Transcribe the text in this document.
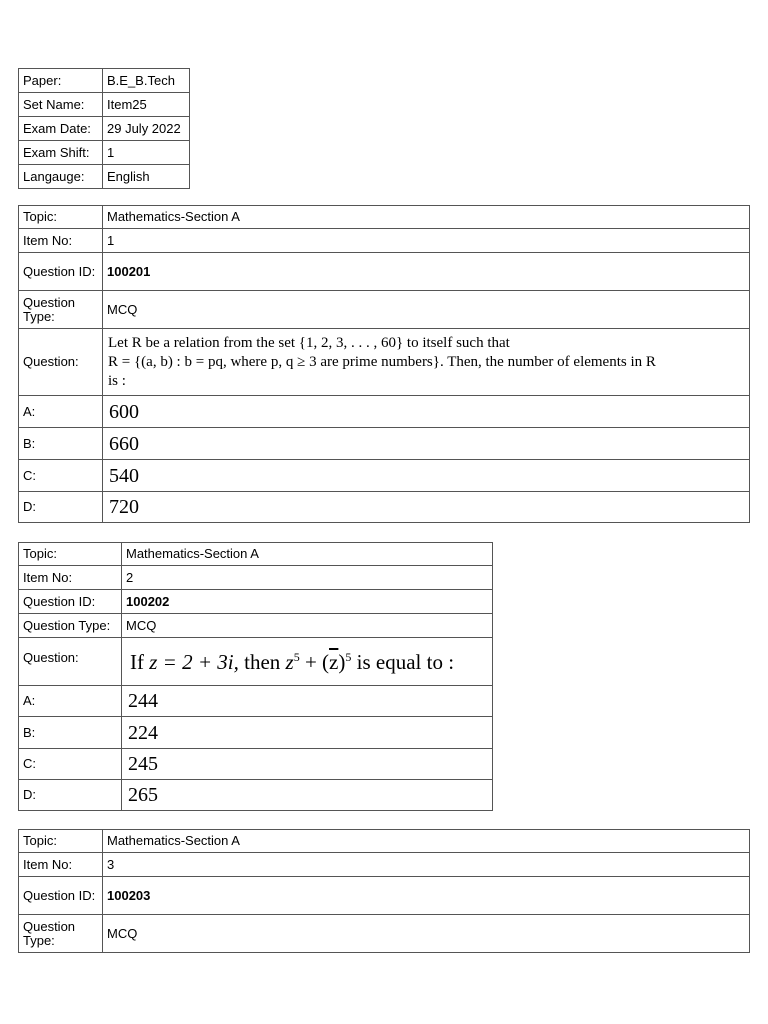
Paper:	B.E_B.Tech
Set Name:	Item25
Exam Date:	29 July 2022
Exam Shift:	1
Langauge:	English
Topic:	Mathematics-Section A
Item No:	1
Question ID:	100201
Question Type:	MCQ
Question:	Let R be a relation from the set {1, 2, 3, . . . , 60} to itself such that
R = {(a, b) : b = pq, where p, q ≥ 3 are prime numbers}. Then, the number of elements in R
is :

A:	600
B:	660
C:	540
D:	720
Topic:	Mathematics-Section A
Item No:	2
Question ID:	100202
Question Type:	MCQ
Question:	If z = 2 + 3i, then $z^5 + (\overline{z})^5$ is equal to :
A:	244
B:	224
C:	245
D:	265
Topic:	Mathematics-Section A
Item No:	3
Question ID:	100203
Question Type:	MCQ
